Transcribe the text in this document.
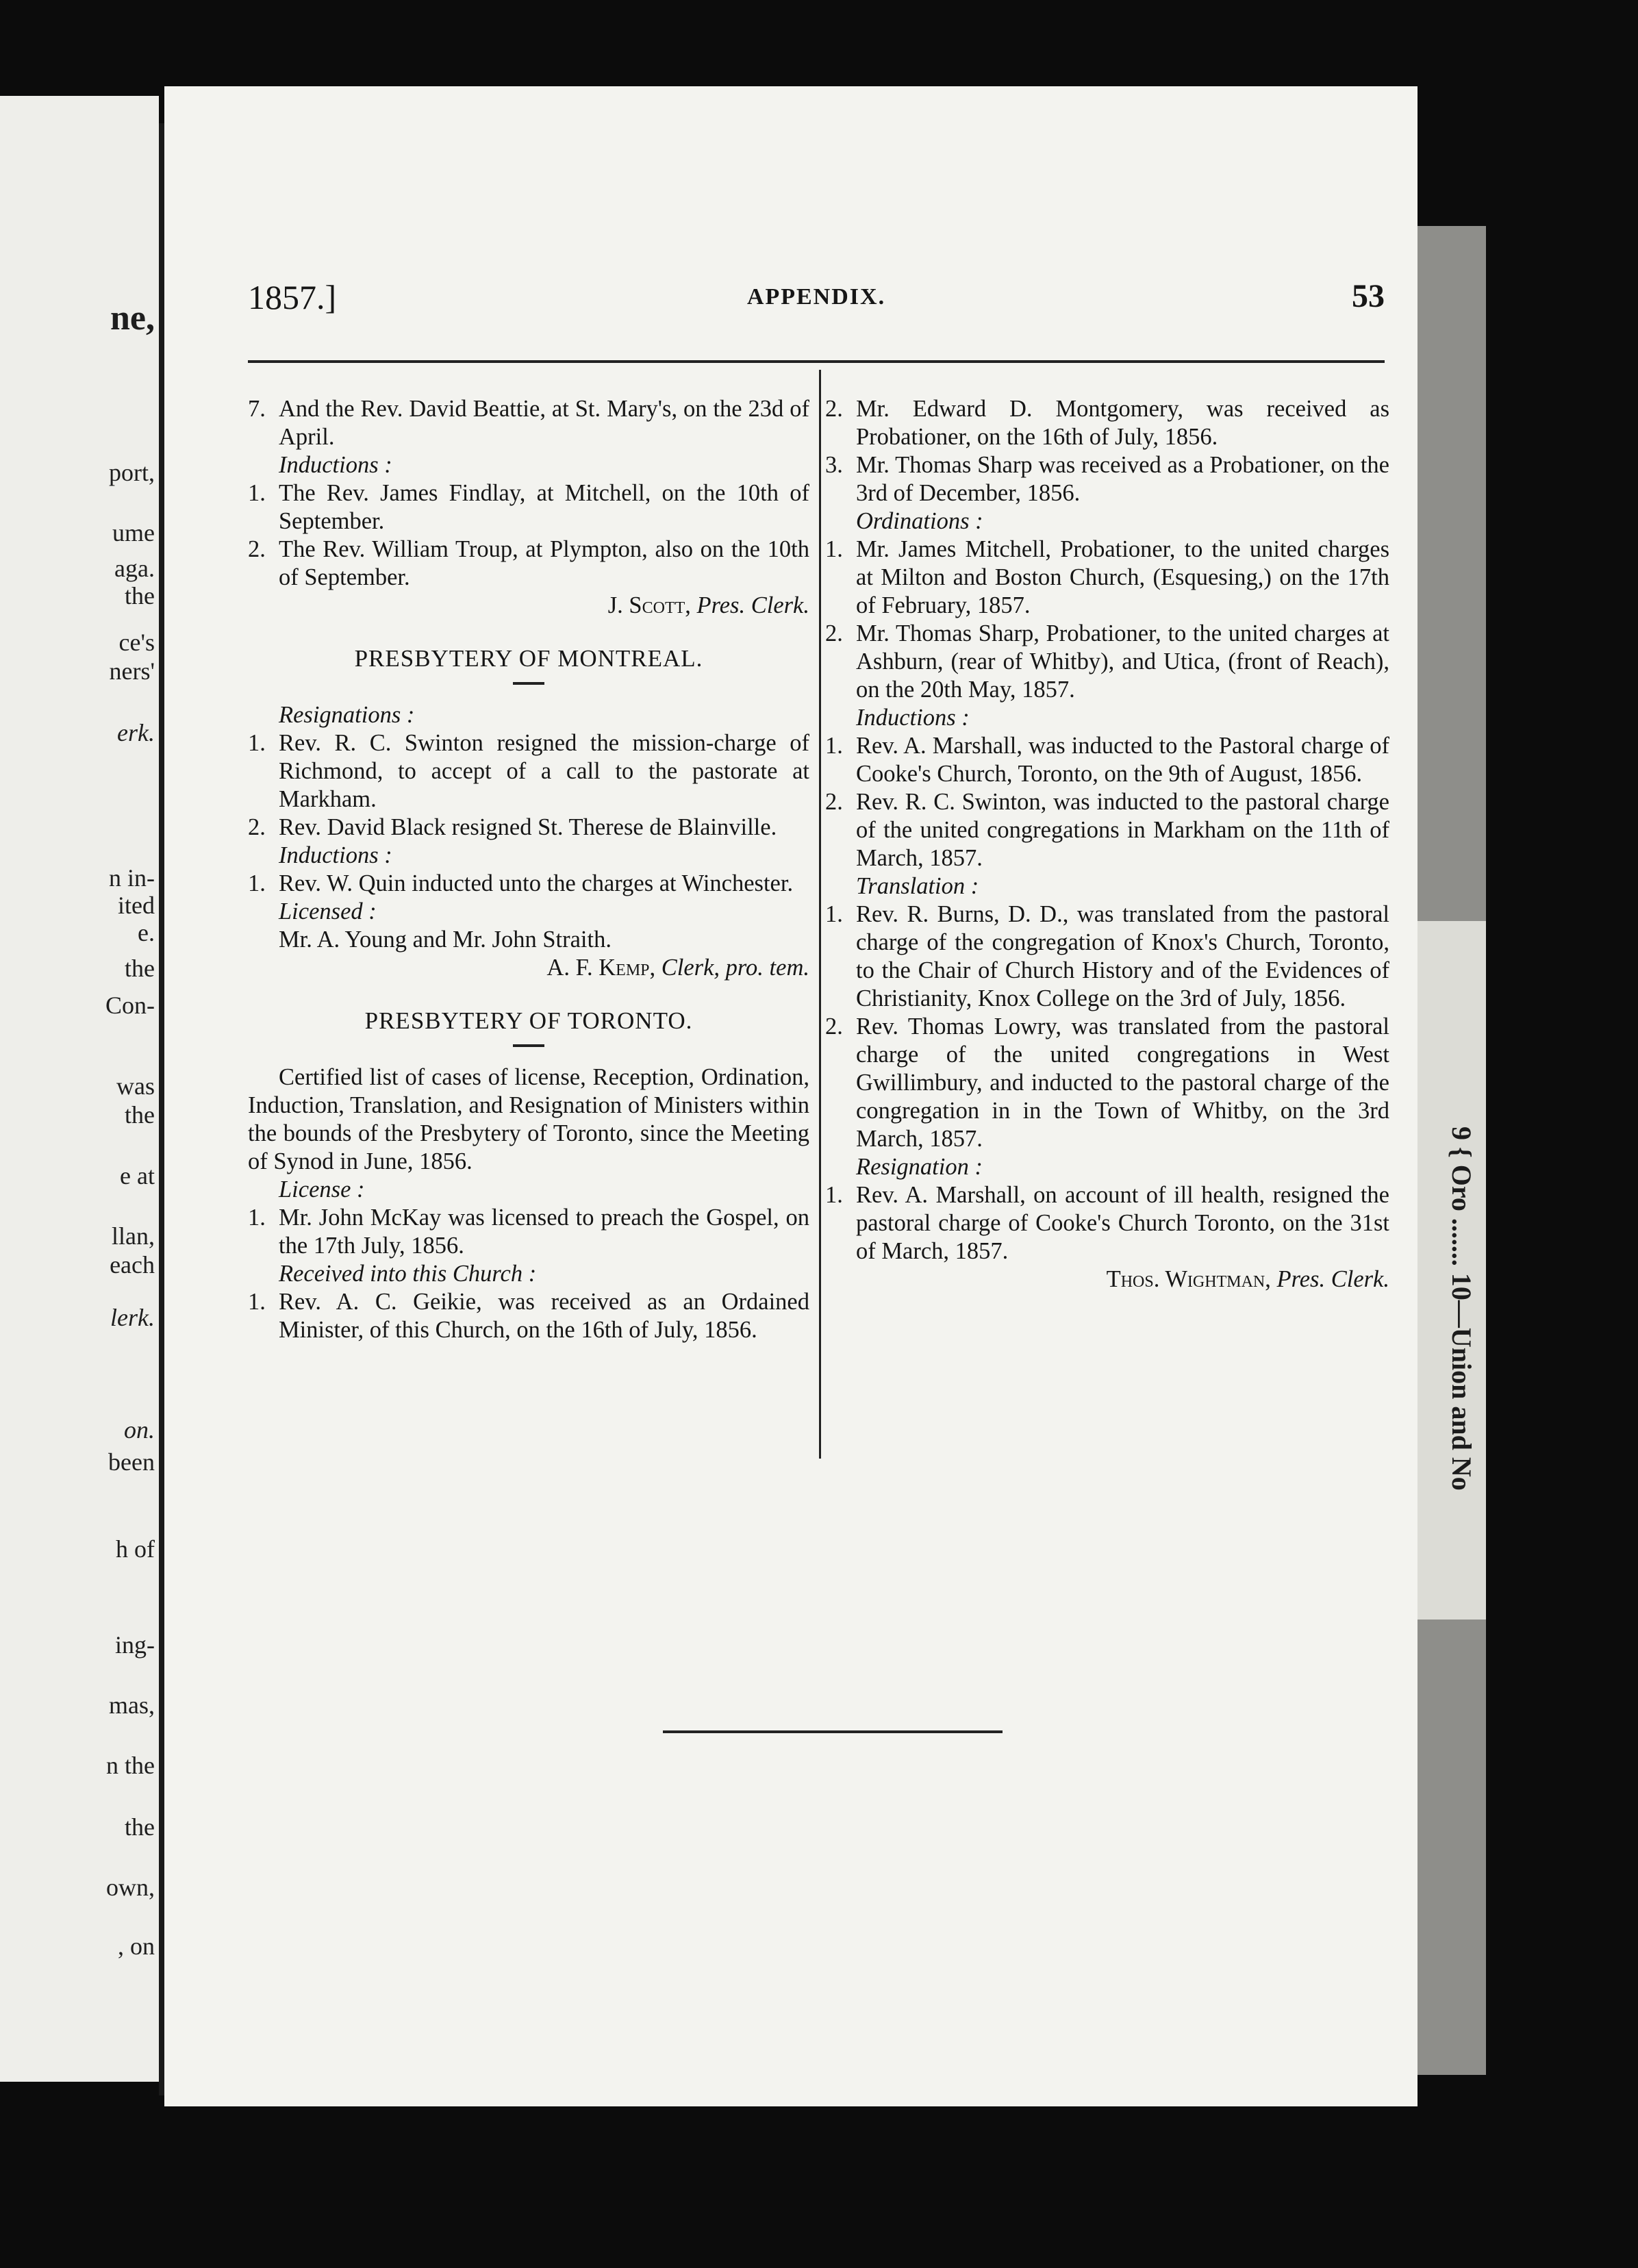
ne,
port,
ume
aga.
the
ce's
ners'
erk.
n in-
ited
e.
the
Con-
was
the
e at
llan,
each
lerk.
on.
been
h of
ing-
mas,
n the
the
own,
, on
9 { Oro ....... 10—Union and No
1857.]	APPENDIX.	53
7. And the Rev. David Beattie, at St. Mary's, on the 23d of April.
Inductions :
1. The Rev. James Findlay, at Mitchell, on the 10th of September.
2. The Rev. William Troup, at Plympton, also on the 10th of September.
J. Scott, Pres. Clerk.
PRESBYTERY OF MONTREAL.
Resignations :
1. Rev. R. C. Swinton resigned the mission-charge of Richmond, to accept of a call to the pastorate at Markham.
2. Rev. David Black resigned St. Therese de Blainville.
Inductions :
1. Rev. W. Quin inducted unto the charges at Winchester.
Licensed :
Mr. A. Young and Mr. John Straith.
A. F. Kemp, Clerk, pro. tem.
PRESBYTERY OF TORONTO.
Certified list of cases of license, Reception, Ordination, Induction, Translation, and Resignation of Ministers within the bounds of the Presbytery of Toronto, since the Meeting of Synod in June, 1856.
License :
1. Mr. John McKay was licensed to preach the Gospel, on the 17th July, 1856.
Received into this Church :
1. Rev. A. C. Geikie, was received as an Ordained Minister, of this Church, on the 16th of July, 1856.
2. Mr. Edward D. Montgomery, was received as Probationer, on the 16th of July, 1856.
3. Mr. Thomas Sharp was received as a Probationer, on the 3rd of December, 1856.
Ordinations :
1. Mr. James Mitchell, Probationer, to the united charges at Milton and Boston Church, (Esquesing,) on the 17th of February, 1857.
2. Mr. Thomas Sharp, Probationer, to the united charges at Ashburn, (rear of Whitby), and Utica, (front of Reach), on the 20th May, 1857.
Inductions :
1. Rev. A. Marshall, was inducted to the Pastoral charge of Cooke's Church, Toronto, on the 9th of August, 1856.
2. Rev. R. C. Swinton, was inducted to the pastoral charge of the united congregations in Markham on the 11th of March, 1857.
Translation :
1. Rev. R. Burns, D. D., was translated from the pastoral charge of the congregation of Knox's Church, Toronto, to the Chair of Church History and of the Evidences of Christianity, Knox College on the 3rd of July, 1856.
2. Rev. Thomas Lowry, was translated from the pastoral charge of the united congregations in West Gwillimbury, and inducted to the pastoral charge of the congregation in in the Town of Whitby, on the 3rd March, 1857.
Resignation :
1. Rev. A. Marshall, on account of ill health, resigned the pastoral charge of Cooke's Church Toronto, on the 31st of March, 1857.
Thos. Wightman, Pres. Clerk.
